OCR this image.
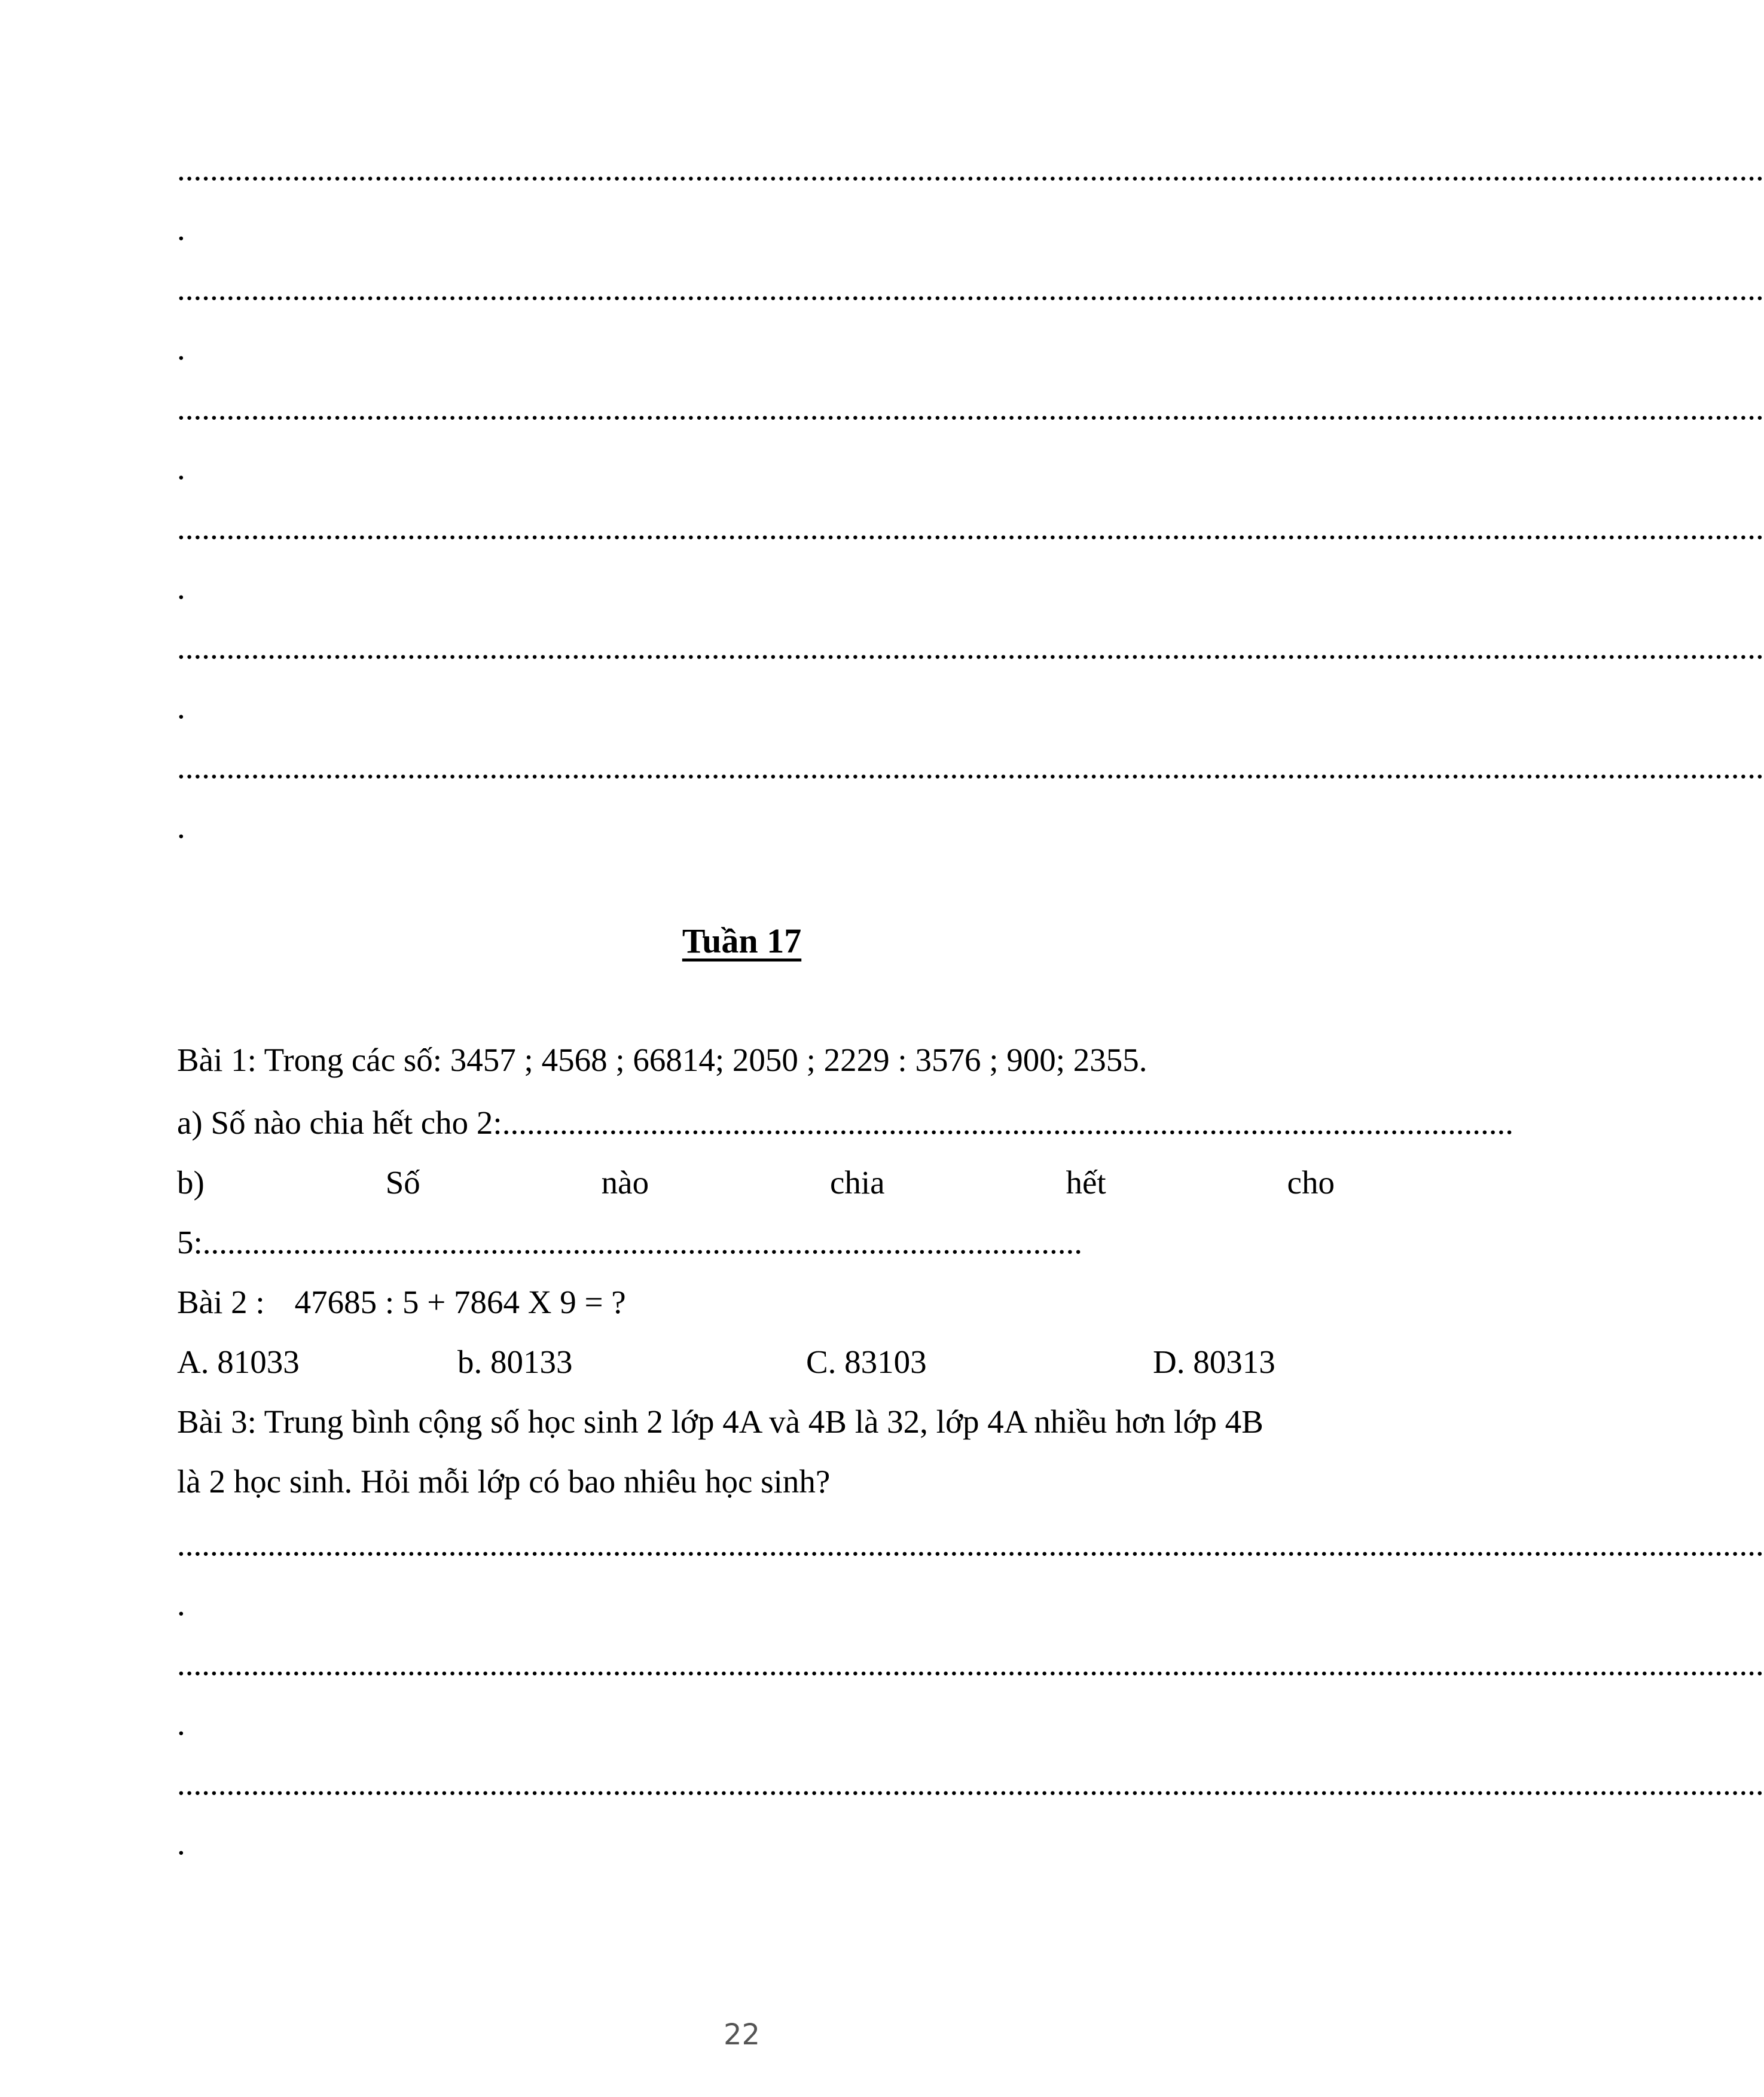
.................................................................................................................................................................................................
.
.................................................................................................................................................................................................
.
.................................................................................................................................................................................................
.
.................................................................................................................................................................................................
.
.................................................................................................................................................................................................
.
.................................................................................................................................................................................................
.
Tuần 17
Bài 1: Trong các số: 3457 ; 4568 ; 66814; 2050 ; 2229 : 3576 ; 900; 2355.
a) Số nào chia hết cho 2:...........................................................................................................................
b)	Số	nào	chia	hết	cho
5:...........................................................................................................
Bài 2 : 47685 : 5 + 7864 X 9 = ?
A. 81033	b. 80133	C. 83103	D. 80313
Bài 3: Trung bình cộng số học sinh 2 lớp 4A và 4B là 32, lớp 4A nhiều hơn lớp 4B
là 2 học sinh. Hỏi mỗi lớp có bao nhiêu học sinh?
.................................................................................................................................................................................................
.
.................................................................................................................................................................................................
.
.................................................................................................................................................................................................
.
22
